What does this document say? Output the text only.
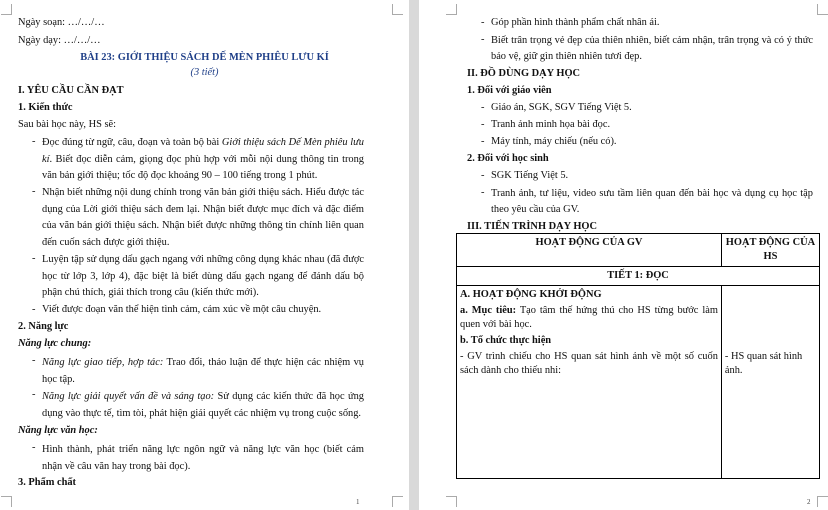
Ngày soạn: …/…/…
Ngày dạy: …/…/…
BÀI 23: GIỚI THIỆU SÁCH DẾ MÈN PHIÊU LƯU KÍ
(3 tiết)
I. YÊU CẦU CẦN ĐẠT
1. Kiến thức
Sau bài học này, HS sẽ:
- Đọc đúng từ ngữ, câu, đoạn và toàn bộ bài Giới thiệu sách Dế Mèn phiêu lưu kí. Biết đọc diễn cảm, giọng đọc phù hợp với mỗi nội dung thông tin trong văn bản giới thiệu; tốc độ đọc khoảng 90 – 100 tiếng trong 1 phút.
- Nhận biết những nội dung chính trong văn bản giới thiệu sách. Hiểu được tác dụng của Lời giới thiệu sách đem lại. Nhận biết được mục đích và đặc điểm của văn bản giới thiệu sách. Nhận biết được những thông tin chính liên quan đến cuốn sách được giới thiệu.
- Luyện tập sử dụng dấu gạch ngang với những công dụng khác nhau (đã được học từ lớp 3, lớp 4), đặc biệt là biết dùng dấu gạch ngang để đánh dấu bộ phận chú thích, giải thích trong câu (kiến thức mới).
- Viết được đoạn văn thể hiện tình cảm, cảm xúc về một câu chuyện.
2. Năng lực
Năng lực chung:
- Năng lực giao tiếp, hợp tác: Trao đổi, thảo luận để thực hiện các nhiệm vụ học tập.
- Năng lực giải quyết vấn đề và sáng tạo: Sử dụng các kiến thức đã học ứng dụng vào thực tế, tìm tòi, phát hiện giải quyết các nhiệm vụ trong cuộc sống.
Năng lực văn học:
- Hình thành, phát triển năng lực ngôn ngữ và năng lực văn học (biết cảm nhận về câu văn hay trong bài đọc).
3. Phẩm chất
1
- Góp phần hình thành phẩm chất nhân ái.
- Biết trân trọng vẻ đẹp của thiên nhiên, biết cảm nhận, trân trọng và có ý thức bảo vệ, giữ gìn thiên nhiên tươi đẹp.
II. ĐỒ DÙNG DẠY HỌC
1. Đối với giáo viên
- Giáo án, SGK, SGV Tiếng Việt 5.
- Tranh ảnh minh họa bài đọc.
- Máy tính, máy chiếu (nếu có).
2. Đối với học sinh
- SGK Tiếng Việt 5.
- Tranh ảnh, tư liệu, video sưu tầm liên quan đến bài học và dụng cụ học tập theo yêu cầu của GV.
III. TIẾN TRÌNH DẠY HỌC
HOẠT ĐỘNG CỦA GV	HOẠT ĐỘNG CỦA HS
TIẾT 1: ĐỌC	

A. HOẠT ĐỘNG KHỞI ĐỘNG
a. Mục tiêu: Tạo tâm thế hứng thú cho HS từng bước làm quen với bài học.
b. Tổ chức thực hiện
- GV trình chiếu cho HS quan sát hình ảnh về một số cuốn sách dành cho thiếu nhi:	- HS quan sát hình ảnh.
2
